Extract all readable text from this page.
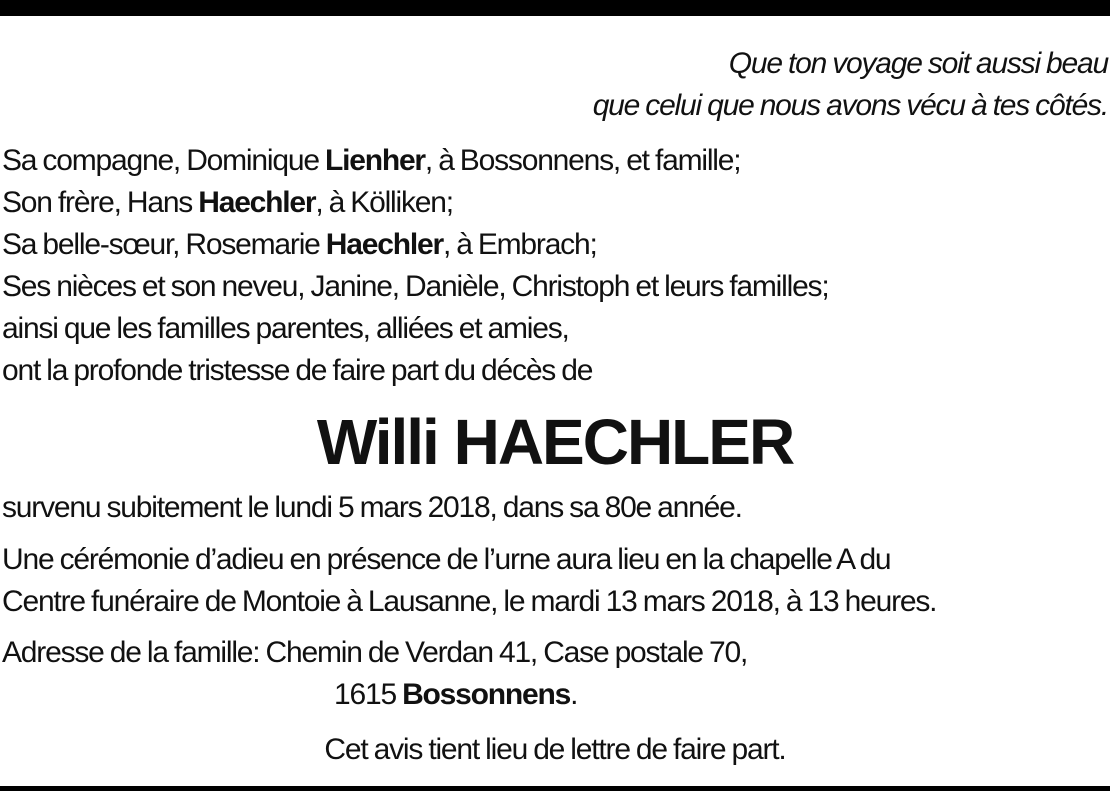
Que ton voyage soit aussi beau
que celui que nous avons vécu à tes côtés.
Sa compagne, Dominique Lienher, à Bossonnens, et famille;
Son frère, Hans Haechler, à Kölliken;
Sa belle-sœur, Rosemarie Haechler, à Embrach;
Ses nièces et son neveu, Janine, Danièle, Christoph et leurs familles;
ainsi que les familles parentes, alliées et amies,
ont la profonde tristesse de faire part du décès de
Willi HAECHLER
survenu subitement le lundi 5 mars 2018, dans sa 80e année.
Une cérémonie d’adieu en présence de l’urne aura lieu en la chapelle A du
Centre funéraire de Montoie à Lausanne, le mardi 13 mars 2018, à 13 heures.
Adresse de la famille: Chemin de Verdan 41, Case postale 70,
1615 Bossonnens.
Cet avis tient lieu de lettre de faire part.
